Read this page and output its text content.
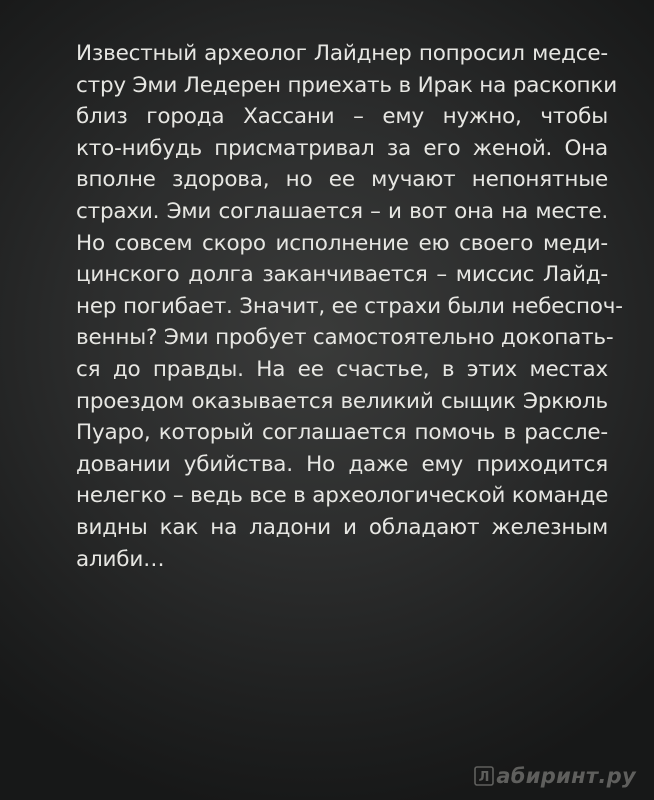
Известный археолог Лайднер попросил медсе-
стру Эми Ледерен приехать в Ирак на раскопки
близ города Хассани – ему нужно, чтобы
кто-нибудь присматривал за его женой. Она
вполне здорова, но ее мучают непонятные
страхи. Эми соглашается – и вот она на месте.
Но совсем скоро исполнение ею своего меди-
цинского долга заканчивается – миссис Лайд-
нер погибает. Значит, ее страхи были небеспоч-
венны? Эми пробует самостоятельно докопать-
ся до правды. На ее счастье, в этих местах
проездом оказывается великий сыщик Эркюль
Пуаро, который соглашается помочь в рассле-
довании убийства. Но даже ему приходится
нелегко – ведь все в археологической команде
видны как на ладони и обладают железным
алиби…
Л абиринт.ру
